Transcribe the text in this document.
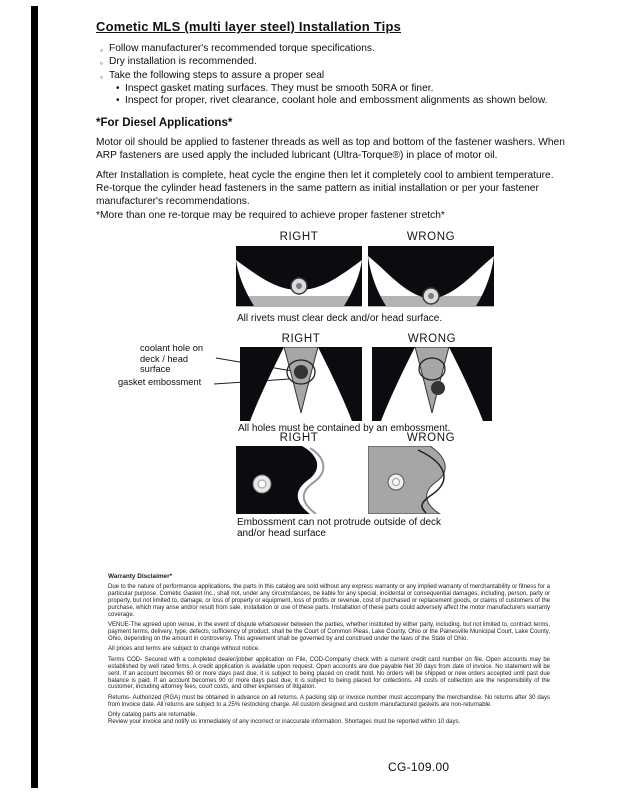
Cometic MLS (multi layer steel) Installation Tips
◦ Follow manufacturer's recommended torque specifications.
◦ Dry installation is recommended.
◦ Take the following steps to assure a proper seal
• Inspect gasket mating surfaces. They must be smooth 50RA or finer.
• Inspect for proper, rivet clearance, coolant hole and embossment alignments as shown below.
*For Diesel Applications*

Motor oil should be applied to fastener threads as well as top and bottom of the fastener washers. When ARP fasteners are used apply the included lubricant (Ultra-Torque®) in place of motor oil.

After Installation is complete, heat cycle the engine then let it completely cool to ambient temperature. Re-torque the cylinder head fasteners in the same pattern as initial installation or per your fastener manufacturer's recommendations.

*More than one re-torque may be required to achieve proper fastener stretch*
RIGHT	WRONG
All rivets must clear deck and/or head surface.
RIGHT	WRONG
coolant hole on
deck / head surface
gasket embossment
All holes must be contained by an embossment.
RIGHT	WRONG
Embossment can not protrude outside of deck
and/or head surface

Warranty Disclaimer*

Due to the nature of performance applications, the parts in this catalog are sold without any express warranty or any implied warranty of merchantability or fitness for a particular purpose. Cometic Gasket Inc., shall not, under any circumstances, be liable for any special, incidental or consequential damages, including, person, party or property, but not limited to, damage, or loss of property or equipment, loss of profits or revenue, cost of purchased or replacement goods, or claims of customers of the purchase, which may arise and/or result from sale, installation or use of these parts. Installation of these parts could adversely affect the motor manufacturers warranty coverage.

VENUE-The agreed upon venue, in the event of dispute whatsoever between the parties, whether instituted by either party, including, but not limited to, contract terms, payment terms, delivery, type, defects, sufficiency of product, shall be the Court of Common Pleas, Lake County, Ohio or the Painesville Municipal Court, Lake County, Ohio, depending on the amount in controversy. This agreement shall be governed by and construed under the laws of the State of Ohio.

All prices and terms are subject to change without notice.

Terms COD- Secured with a completed dealer/jobber application on File, COD-Company check with a current credit card number on file. Open accounts may be established by well rated firms. A credit application is available upon request. Open accounts are due payable Net 30 days from date of invoice. No statement will be sent. If an account becomes 60 or more days past due, it is subject to being placed on credit hold. No orders will be shipped or new orders accepted until past due balance is paid. If an account becomes 90 or more days past due, it is subject to being placed for collections. All costs of collection are the responsibility of the customer, including attorney fees, court costs, and other expenses of litigation.

Returns- Authorized (RGA) must be obtained in advance on all returns. A packing slip or invoice number must accompany the merchandise. No returns after 30 days from invoice date. All returns are subject to a 25% restocking charge. All custom designed and custom manufactured gaskets are non-returnable.

Only catalog parts are returnable.

Review your invoice and notify us immediately of any incorrect or inaccurate information. Shortages must be reported within 10 days.

CG-109.00
